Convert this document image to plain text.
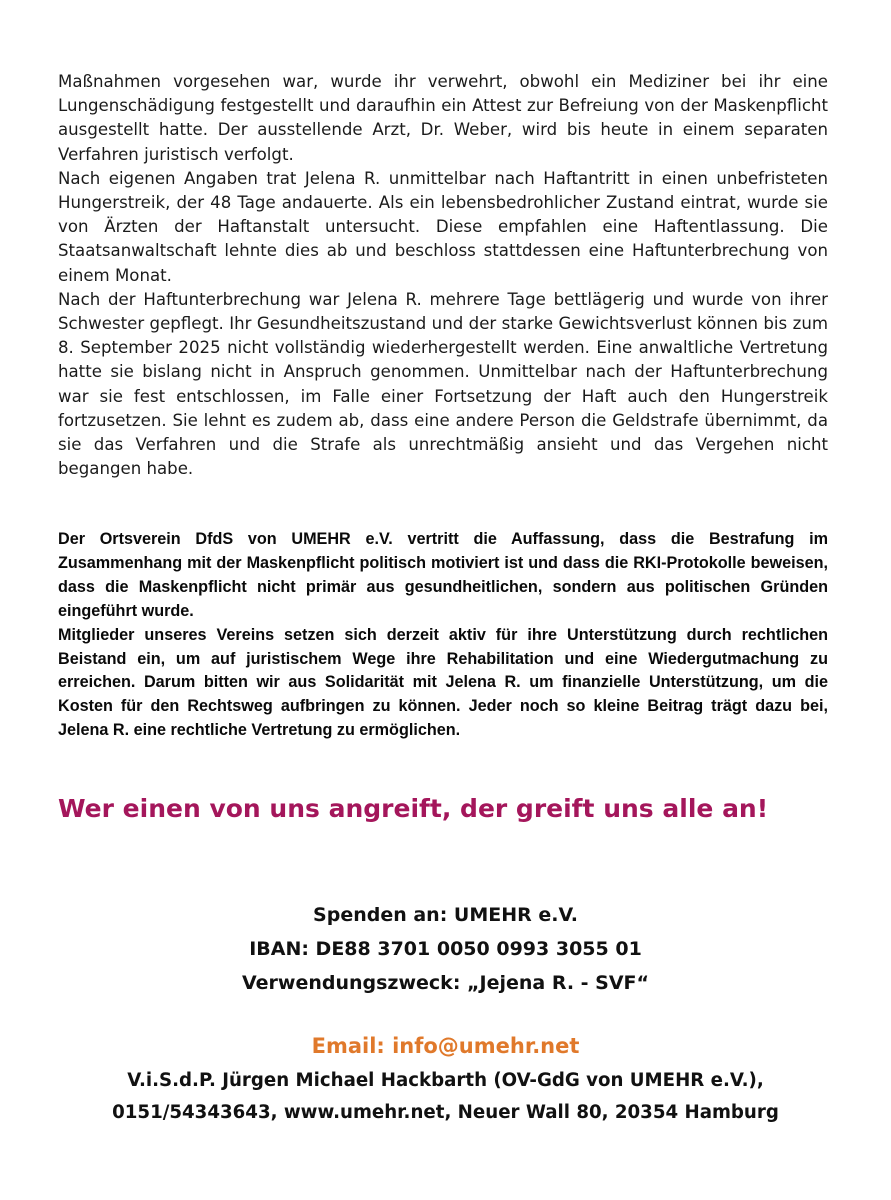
Maßnahmen vorgesehen war, wurde ihr verwehrt, obwohl ein Mediziner bei ihr eine Lungenschädigung festgestellt und daraufhin ein Attest zur Befreiung von der Maskenpflicht ausgestellt hatte. Der ausstellende Arzt, Dr. Weber, wird bis heute in einem separaten Verfahren juristisch verfolgt.

Nach eigenen Angaben trat Jelena R. unmittelbar nach Haftantritt in einen unbefristeten Hungerstreik, der 48 Tage andauerte. Als ein lebensbedrohlicher Zustand eintrat, wurde sie von Ärzten der Haftanstalt untersucht. Diese empfahlen eine Haftentlassung. Die Staatsanwaltschaft lehnte dies ab und beschloss stattdessen eine Haftunterbrechung von einem Monat.

Nach der Haftunterbrechung war Jelena R. mehrere Tage bettlägerig und wurde von ihrer Schwester gepflegt. Ihr Gesundheitszustand und der starke Gewichtsverlust können bis zum 8. September 2025 nicht vollständig wiederhergestellt werden. Eine anwaltliche Vertretung hatte sie bislang nicht in Anspruch genommen. Unmittelbar nach der Haftunterbrechung war sie fest entschlossen, im Falle einer Fortsetzung der Haft auch den Hungerstreik fortzusetzen. Sie lehnt es zudem ab, dass eine andere Person die Geldstrafe übernimmt, da sie das Verfahren und die Strafe als unrechtmäßig ansieht und das Vergehen nicht begangen habe.

Der Ortsverein DfdS von UMEHR e.V. vertritt die Auffassung, dass die Bestrafung im Zusammenhang mit der Maskenpflicht politisch motiviert ist und dass die RKI-Protokolle beweisen, dass die Maskenpflicht nicht primär aus gesundheitlichen, sondern aus politischen Gründen eingeführt wurde.

Mitglieder unseres Vereins setzen sich derzeit aktiv für ihre Unterstützung durch rechtlichen Beistand ein, um auf juristischem Wege ihre Rehabilitation und eine Wiedergutmachung zu erreichen. Darum bitten wir aus Solidarität mit Jelena R. um finanzielle Unterstützung, um die Kosten für den Rechtsweg aufbringen zu können. Jeder noch so kleine Beitrag trägt dazu bei, Jelena R. eine rechtliche Vertretung zu ermöglichen.

Wer einen von uns angreift, der greift uns alle an!
Spenden an: UMEHR e.V.
IBAN: DE88 3701 0050 0993 3055 01
Verwendungszweck: „Jejena R. - SVF“
Email: info@umehr.net
V.i.S.d.P. Jürgen Michael Hackbarth (OV-GdG von UMEHR e.V.),
0151/54343643, www.umehr.net, Neuer Wall 80, 20354 Hamburg
